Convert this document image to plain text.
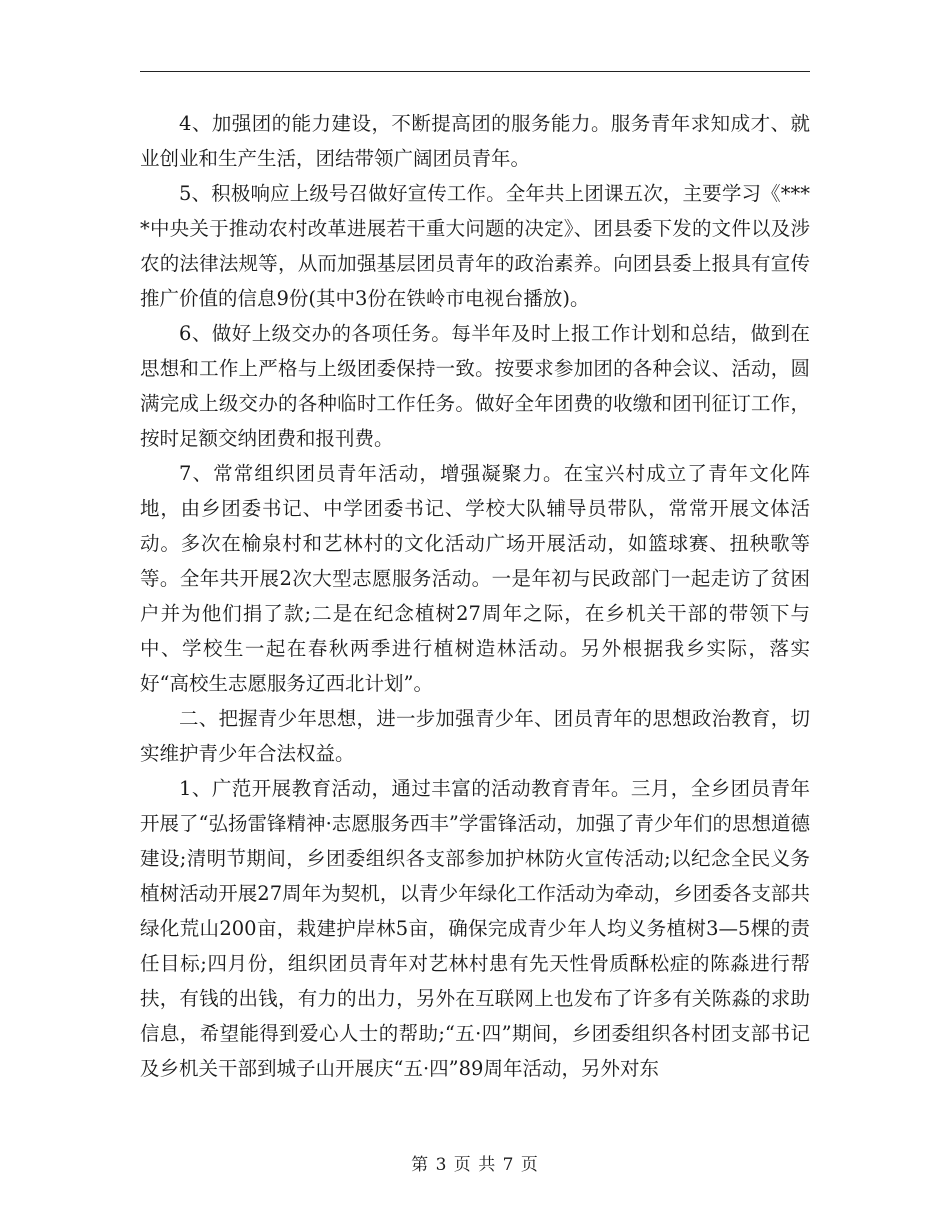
4、加强团的能力建设，不断提高团的服务能力。服务青年求知成才、就业创业和生产生活，团结带领广阔团员青年。

5、积极响应上级号召做好宣传工作。全年共上团课五次，主要学习《****中央关于推动农村改革进展若干重大问题的决定》、团县委下发的文件以及涉农的法律法规等，从而加强基层团员青年的政治素养。向团县委上报具有宣传推广价值的信息9份(其中3份在铁岭市电视台播放)。

6、做好上级交办的各项任务。每半年及时上报工作计划和总结，做到在思想和工作上严格与上级团委保持一致。按要求参加团的各种会议、活动，圆满完成上级交办的各种临时工作任务。做好全年团费的收缴和团刊征订工作，按时足额交纳团费和报刊费。

7、常常组织团员青年活动，增强凝聚力。在宝兴村成立了青年文化阵地，由乡团委书记、中学团委书记、学校大队辅导员带队，常常开展文体活动。多次在榆泉村和艺林村的文化活动广场开展活动，如篮球赛、扭秧歌等等。全年共开展2次大型志愿服务活动。一是年初与民政部门一起走访了贫困户并为他们捐了款;二是在纪念植树27周年之际，在乡机关干部的带领下与中、学校生一起在春秋两季进行植树造林活动。另外根据我乡实际，落实好“高校生志愿服务辽西北计划”。

二、把握青少年思想，进一步加强青少年、团员青年的思想政治教育，切实维护青少年合法权益。

1、广范开展教育活动，通过丰富的活动教育青年。三月，全乡团员青年开展了“弘扬雷锋精神·志愿服务西丰”学雷锋活动，加强了青少年们的思想道德建设;清明节期间，乡团委组织各支部参加护林防火宣传活动;以纪念全民义务植树活动开展27周年为契机，以青少年绿化工作活动为牵动，乡团委各支部共绿化荒山200亩，栽建护岸林5亩，确保完成青少年人均义务植树3—5棵的责任目标;四月份，组织团员青年对艺林村患有先天性骨质酥松症的陈淼进行帮扶，有钱的出钱，有力的出力，另外在互联网上也发布了许多有关陈淼的求助信息，希望能得到爱心人士的帮助;“五·四”期间，乡团委组织各村团支部书记及乡机关干部到城子山开展庆“五·四”89周年活动，另外对东

第 3 页 共 7 页
